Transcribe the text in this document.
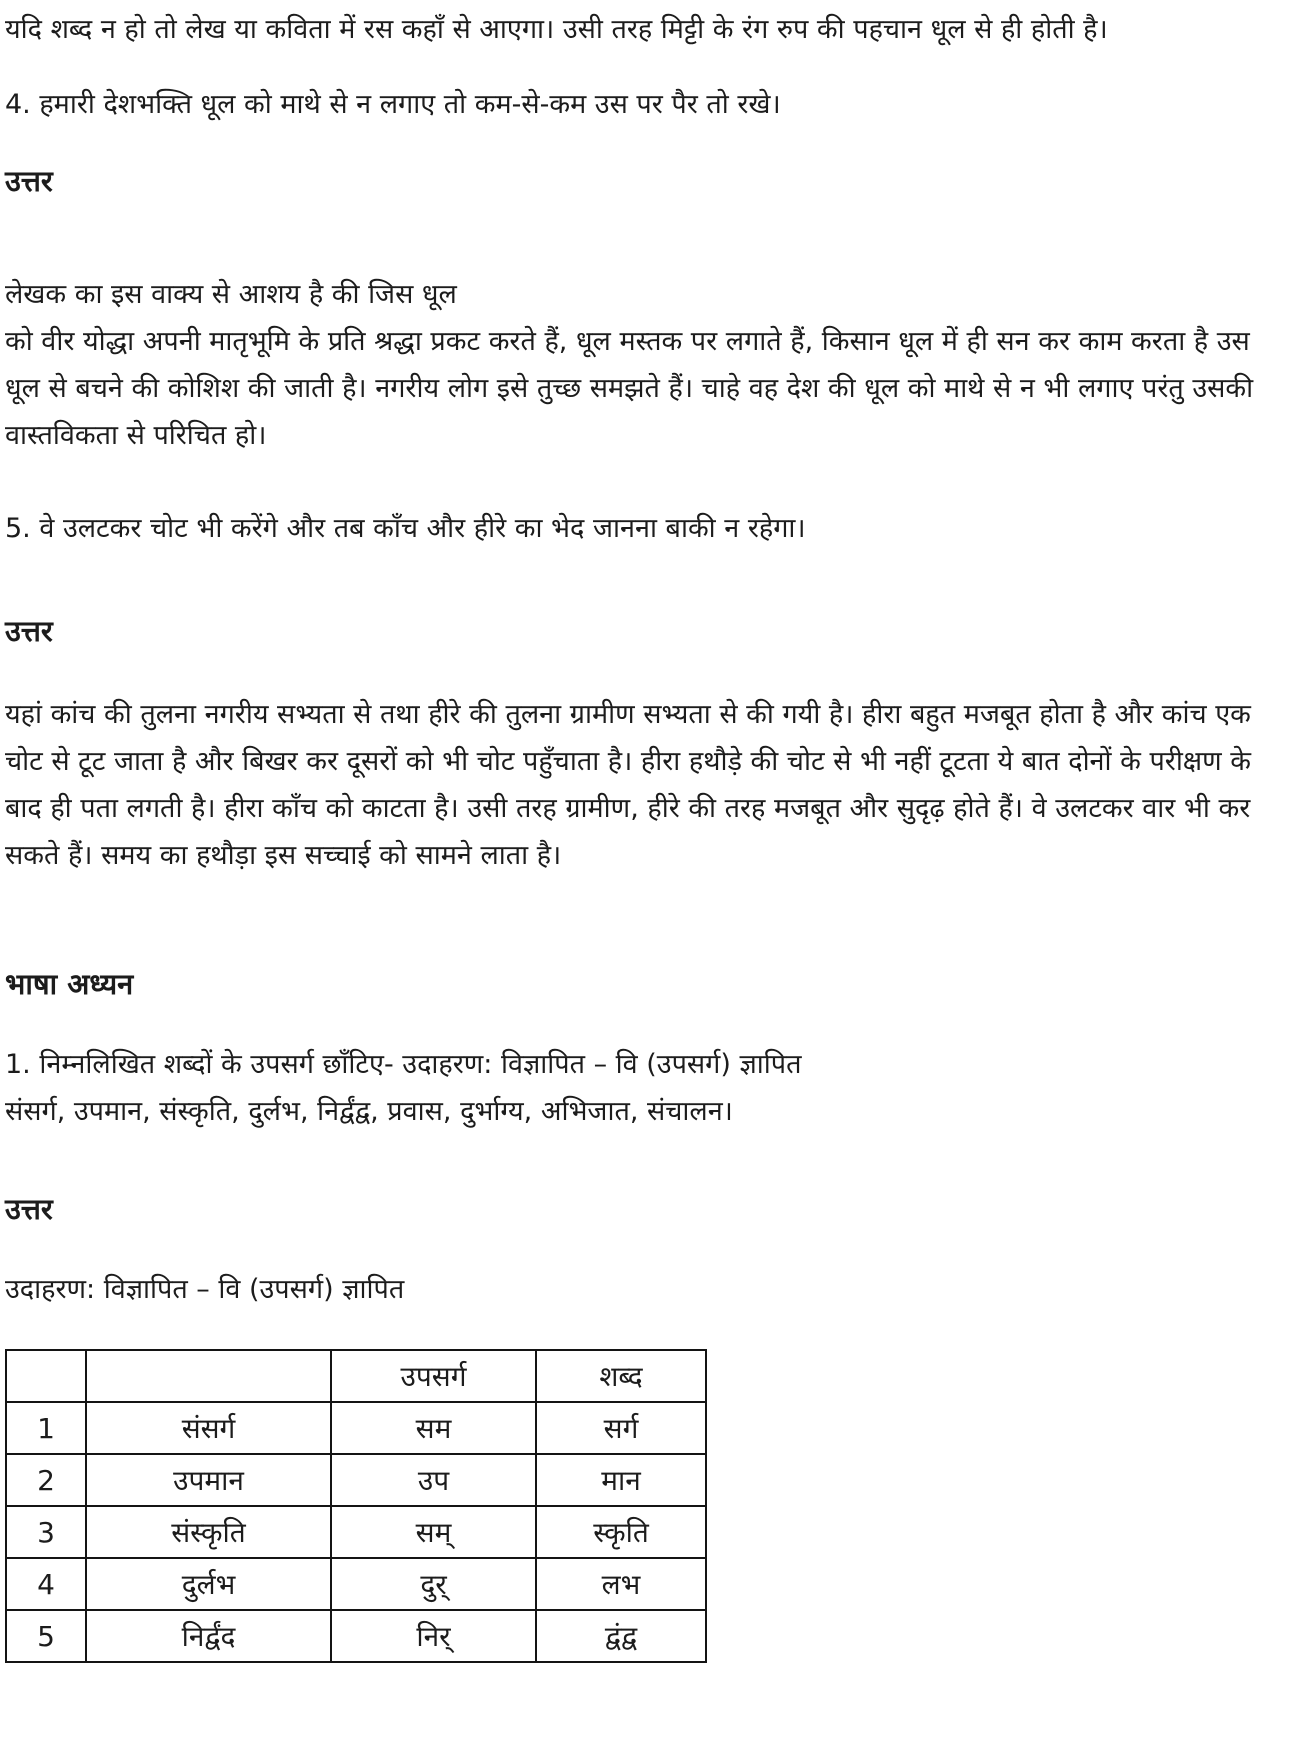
यदि शब्द न हो तो लेख या कविता में रस कहाँ से आएगा। उसी तरह मिट्टी के रंग रुप की पहचान धूल से ही होती है।

4. हमारी देशभक्ति धूल को माथे से न लगाए तो कम-से-कम उस पर पैर तो रखे।

उत्तर

लेखक का इस वाक्य से आशय है की जिस धूल
को वीर योद्धा अपनी मातृभूमि के प्रति श्रद्धा प्रकट करते हैं, धूल मस्तक पर लगाते हैं, किसान धूल में ही सन कर काम करता है उस धूल से बचने की कोशिश की जाती है। नगरीय लोग इसे तुच्छ समझते हैं। चाहे वह देश की धूल को माथे से न भी लगाए परंतु उसकी वास्तविकता से परिचित हो।

5. वे उलटकर चोट भी करेंगे और तब काँच और हीरे का भेद जानना बाकी न रहेगा।

उत्तर

यहां कांच की तुलना नगरीय सभ्यता से तथा हीरे की तुलना ग्रामीण सभ्यता से की गयी है। हीरा बहुत मजबूत होता है और कांच एक चोट से टूट जाता है और बिखर कर दूसरों को भी चोट पहुँचाता है। हीरा हथौड़े की चोट से भी नहीं टूटता ये बात दोनों के परीक्षण के बाद ही पता लगती है। हीरा काँच को काटता है। उसी तरह ग्रामीण, हीरे की तरह मजबूत और सुदृढ़ होते हैं। वे उलटकर वार भी कर सकते हैं। समय का हथौड़ा इस सच्चाई को सामने लाता है।

भाषा अध्यन

1. निम्नलिखित शब्दों के उपसर्ग छाँटिए- उदाहरण: विज्ञापित – वि (उपसर्ग) ज्ञापित
संसर्ग, उपमान, संस्कृति, दुर्लभ, निर्द्वंद्व, प्रवास, दुर्भाग्य, अभिजात, संचालन।

उत्तर

उदाहरण: विज्ञापित – वि (उपसर्ग) ज्ञापित

		उपसर्ग	शब्द
1	संसर्ग	सम	सर्ग
2	उपमान	उप	मान
3	संस्कृति	सम्	स्कृति
4	दुर्लभ	दुर्	लभ
5	निर्द्वंद	निर्	द्वंद्व
